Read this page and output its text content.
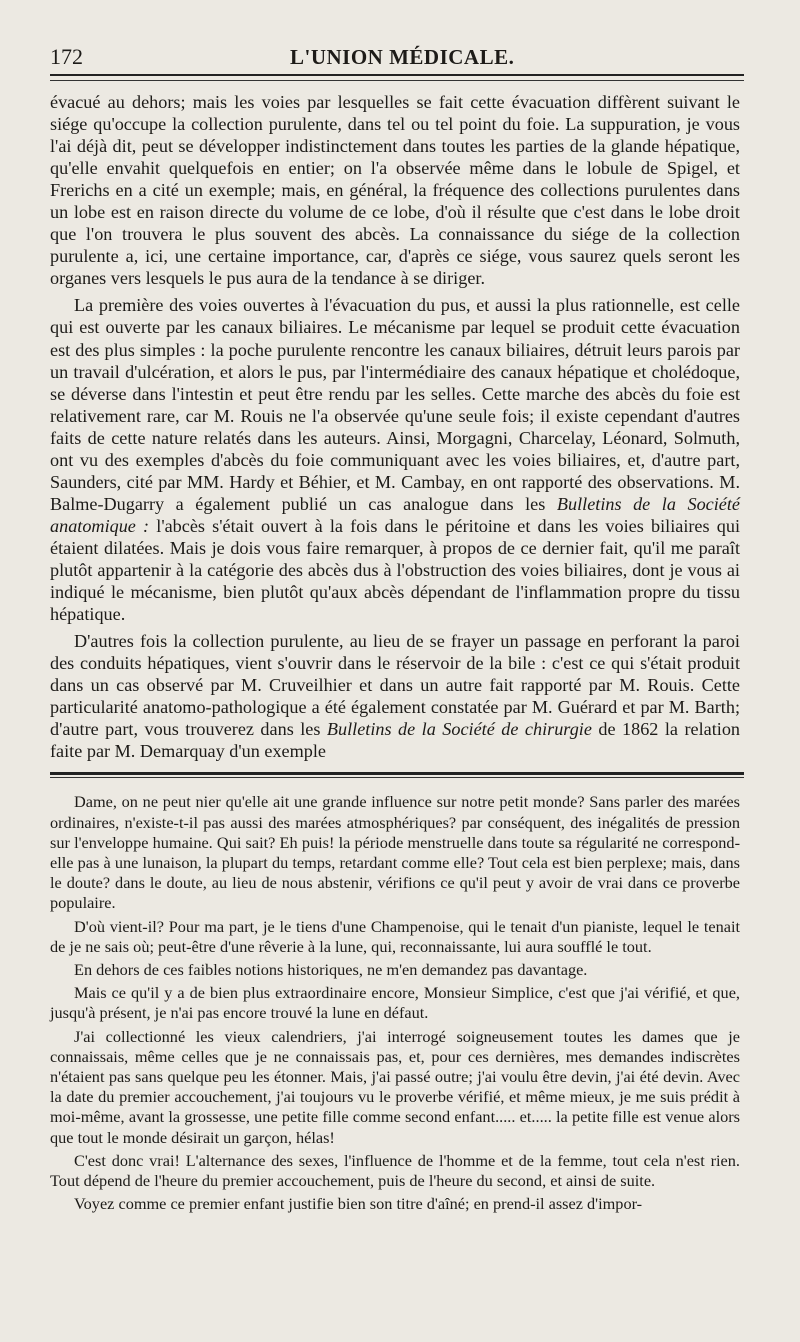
172	L'UNION MÉDICALE.

évacué au dehors; mais les voies par lesquelles se fait cette évacuation diffèrent suivant le siége qu'occupe la collection purulente, dans tel ou tel point du foie. La suppuration, je vous l'ai déjà dit, peut se développer indistinctement dans toutes les parties de la glande hépatique, qu'elle envahit quelquefois en entier; on l'a observée même dans le lobule de Spigel, et Frerichs en a cité un exemple; mais, en général, la fréquence des collections purulentes dans un lobe est en raison directe du volume de ce lobe, d'où il résulte que c'est dans le lobe droit que l'on trouvera le plus souvent des abcès. La connaissance du siége de la collection purulente a, ici, une certaine importance, car, d'après ce siége, vous saurez quels seront les organes vers lesquels le pus aura de la tendance à se diriger.

La première des voies ouvertes à l'évacuation du pus, et aussi la plus rationnelle, est celle qui est ouverte par les canaux biliaires. Le mécanisme par lequel se produit cette évacuation est des plus simples : la poche purulente rencontre les canaux biliaires, détruit leurs parois par un travail d'ulcération, et alors le pus, par l'intermédiaire des canaux hépatique et cholédoque, se déverse dans l'intestin et peut être rendu par les selles. Cette marche des abcès du foie est relativement rare, car M. Rouis ne l'a observée qu'une seule fois; il existe cependant d'autres faits de cette nature relatés dans les auteurs. Ainsi, Morgagni, Charcelay, Léonard, Solmuth, ont vu des exemples d'abcès du foie communiquant avec les voies biliaires, et, d'autre part, Saunders, cité par MM. Hardy et Béhier, et M. Cambay, en ont rapporté des observations. M. Balme-Dugarry a également publié un cas analogue dans les Bulletins de la Société anatomique : l'abcès s'était ouvert à la fois dans le péritoine et dans les voies biliaires qui étaient dilatées. Mais je dois vous faire remarquer, à propos de ce dernier fait, qu'il me paraît plutôt appartenir à la catégorie des abcès dus à l'obstruction des voies biliaires, dont je vous ai indiqué le mécanisme, bien plutôt qu'aux abcès dépendant de l'inflammation propre du tissu hépatique.

D'autres fois la collection purulente, au lieu de se frayer un passage en perforant la paroi des conduits hépatiques, vient s'ouvrir dans le réservoir de la bile : c'est ce qui s'était produit dans un cas observé par M. Cruveilhier et dans un autre fait rapporté par M. Rouis. Cette particularité anatomo-pathologique a été également constatée par M. Guérard et par M. Barth; d'autre part, vous trouverez dans les Bulletins de la Société de chirurgie de 1862 la relation faite par M. Demarquay d'un exemple

Dame, on ne peut nier qu'elle ait une grande influence sur notre petit monde? Sans parler des marées ordinaires, n'existe-t-il pas aussi des marées atmosphériques? par conséquent, des inégalités de pression sur l'enveloppe humaine. Qui sait? Eh puis! la période menstruelle dans toute sa régularité ne correspond-elle pas à une lunaison, la plupart du temps, retardant comme elle? Tout cela est bien perplexe; mais, dans le doute? dans le doute, au lieu de nous abstenir, vérifions ce qu'il peut y avoir de vrai dans ce proverbe populaire.

D'où vient-il? Pour ma part, je le tiens d'une Champenoise, qui le tenait d'un pianiste, lequel le tenait de je ne sais où; peut-être d'une rêverie à la lune, qui, reconnaissante, lui aura soufflé le tout.

En dehors de ces faibles notions historiques, ne m'en demandez pas davantage.

Mais ce qu'il y a de bien plus extraordinaire encore, Monsieur Simplice, c'est que j'ai vérifié, et que, jusqu'à présent, je n'ai pas encore trouvé la lune en défaut.

J'ai collectionné les vieux calendriers, j'ai interrogé soigneusement toutes les dames que je connaissais, même celles que je ne connaissais pas, et, pour ces dernières, mes demandes indiscrètes n'étaient pas sans quelque peu les étonner. Mais, j'ai passé outre; j'ai voulu être devin, j'ai été devin. Avec la date du premier accouchement, j'ai toujours vu le proverbe vérifié, et même mieux, je me suis prédit à moi-même, avant la grossesse, une petite fille comme second enfant..... et..... la petite fille est venue alors que tout le monde désirait un garçon, hélas!

C'est donc vrai! L'alternance des sexes, l'influence de l'homme et de la femme, tout cela n'est rien. Tout dépend de l'heure du premier accouchement, puis de l'heure du second, et ainsi de suite.

Voyez comme ce premier enfant justifie bien son titre d'aîné; en prend-il assez d'impor-
